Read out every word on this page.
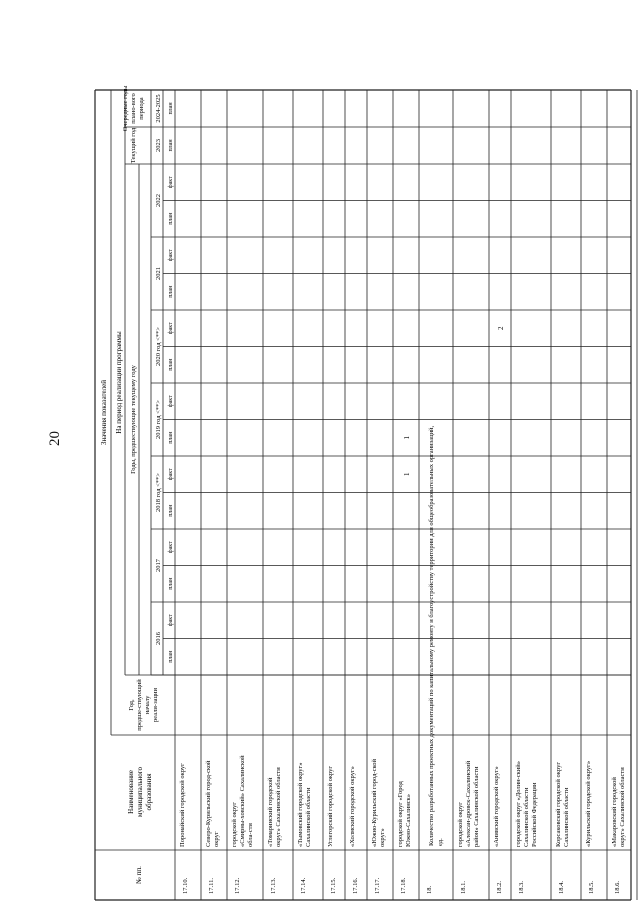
20	Значения показателей На период реализации программы Годы, предшествующие текущему году
№ пп.
Наименование муниципального образования
Год, предше-ствующий началу реали-зации
Текущий год
Очередные годы плано-вого периода
2023
2024-2025
план
план
2016
план
факт
2017
план
факт
2018 год <**> план
факт
2019 год <**> план
факт
2020 год <**> план
факт
2021
план
факт
2022
план
факт
17.10.
Поронайский городской округ
17.11.
Северо-Курильский город-ской округ
17.12.
городской округ «Смирны-ховский» Сахалинской обла-сти
17.13.
«Томаринский городской округ» Сахалинской области
17.14.
«Тымовский городской округ» Сахалинской области
17.15.
Углегорский городской округ
17.16.
«Холмский городской округ»
17.17.
«Южно-Курильский город-ской округ»
17.18.
городской округ «Город Южно-Сахалинск»
1
1
18.
Количество разработанных проектных документаций по капитальному ремонту и благоустройству территории для общеобразовательных организаций, ед.
18.1.
городской округ «Алексан-дровск-Сахалинский район» Сахалинской области
18.2.
«Анивский городской округ»
2
18.3.
городской округ «Долин-ский» Сахалинской области Российской Федерации
18.4.
Корсаковский городской округ Сахалинской области
18.5.
«Курильский городской округ»
18.6.
«Макаровский городской округ» Сахалинской области
